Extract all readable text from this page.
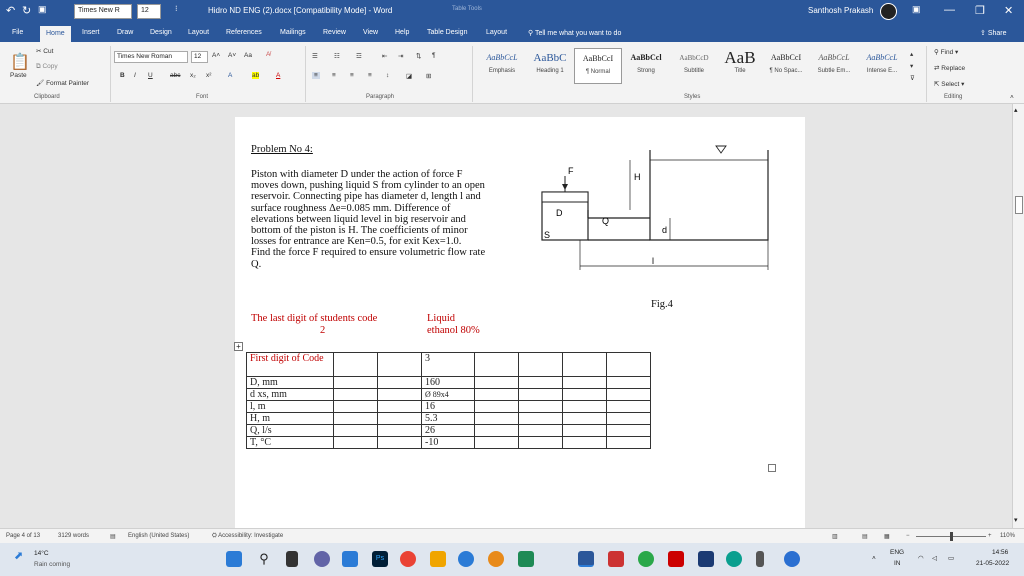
↶ ↻ ▣	Times New R	12	⁝	Hidro ND ENG (2).docx [Compatibility Mode] - Word	Table Tools	Santhosh Prakash	▣ — ❐ ✕
File	Home	Insert Draw Design Layout References	Mailings Review View Help	Table Design	Layout	⚲ Tell me what you want to do	⇪ Share
📋
Paste
✂ Cut
⧉ Copy
🖌 Format Painter
Clipboard
Times New Roman	12	A˄ A˅ Aa A̸
B I U	abc x₂ x²	A	ab	A
Font
☰ ☷ ☲	⇤ ⇥ ⇅ ¶
≡	≡ ≡ ≡ ↕	◪ ⊞
Paragraph
AaBbCcL
Emphasis
AaBbC
Heading 1
AaBbCcI
¶ Normal
AaBbCcl
Strong
AaBbCcD
Subtitle
AaB
Title
AaBbCcI
¶ No Spac...
AaBbCcL
Subtle Em...
AaBbCcL
Intense E...
▴
▾
⊽
Styles
⚲ Find ▾
⇄ Replace
⇱ Select ▾
Editing	˄
▴
▾
Problem No 4:
Piston with diameter D under the action of force F
moves down, pushing liquid S from cylinder to an open
reservoir. Connecting pipe has diameter d, length l and
surface roughness Δe=0.085 mm. Difference of
elevations between liquid level in big reservoir and
bottom of the piston is H. The coefficients of minor
losses for entrance are Ken=0.5, for exit Kex=1.0.
Find the force F required to ensure volumetric flow rate
Q.
F
H
D
d
Q
S
l
Fig.4
The last digit of students code
2
Liquid
ethanol 80%
+
First digit of Code			3				
D, mm			160				
d xs, mm			Ø 89x4				
l, m			16				
H, m			5.3				
Q, l/s			26				
T, °C			-10				
Page 4 of 13	3129 words	▤ English (United States)	⛭ Accessibility: Investigate	▥	▤	▦	−	+ 110%
⬈ 14°C
Rain coming	⚲	Ps	˄
ENG
IN
◠ ◁ ▭
14:56
21-05-2022
